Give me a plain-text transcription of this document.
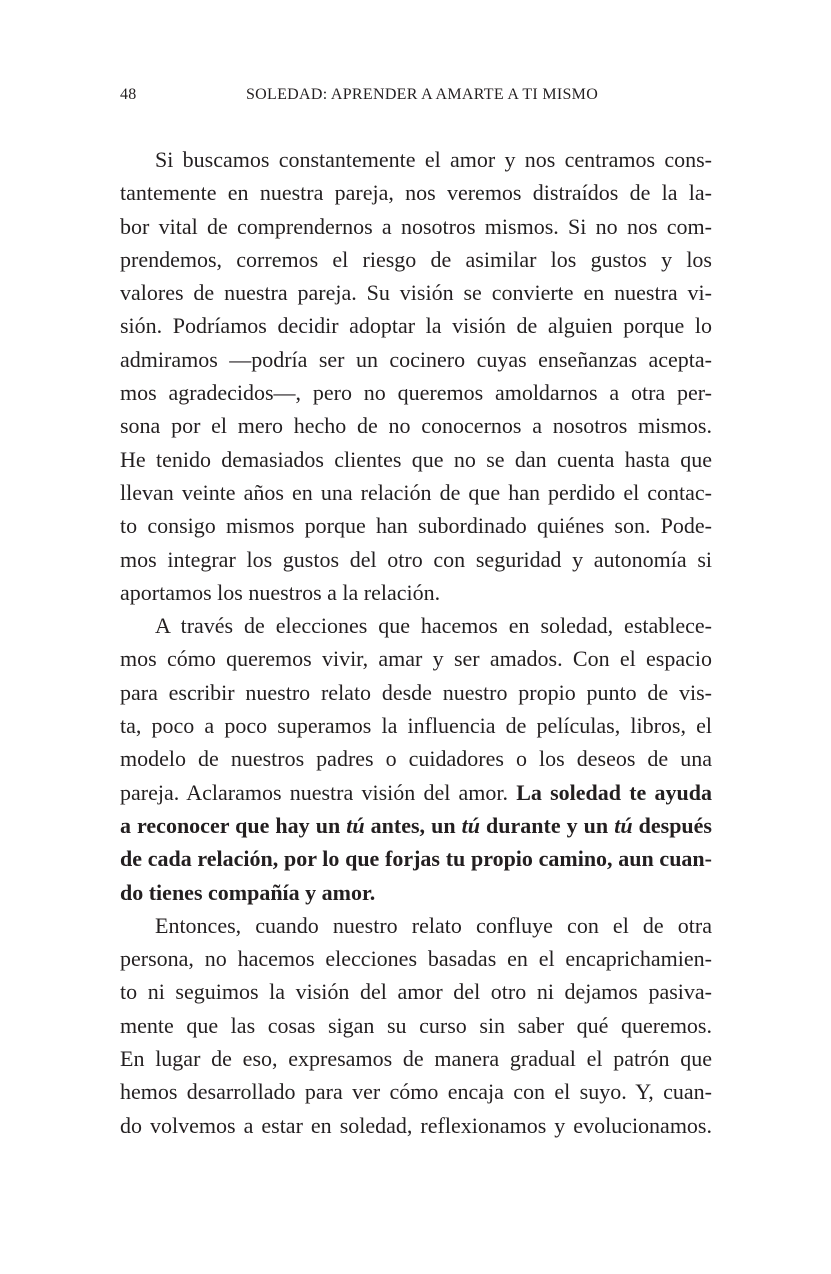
48	SOLEDAD: APRENDER A AMARTE A TI MISMO
Si buscamos constantemente el amor y nos centramos cons-
tantemente en nuestra pareja, nos veremos distraídos de la la-
bor vital de comprendernos a nosotros mismos. Si no nos com-
prendemos, corremos el riesgo de asimilar los gustos y los
valores de nuestra pareja. Su visión se convierte en nuestra vi-
sión. Podríamos decidir adoptar la visión de alguien porque lo
admiramos —podría ser un cocinero cuyas enseñanzas acepta-
mos agradecidos—, pero no queremos amoldarnos a otra per-
sona por el mero hecho de no conocernos a nosotros mismos.
He tenido demasiados clientes que no se dan cuenta hasta que
llevan veinte años en una relación de que han perdido el contac-
to consigo mismos porque han subordinado quiénes son. Pode-
mos integrar los gustos del otro con seguridad y autonomía si
aportamos los nuestros a la relación.
A través de elecciones que hacemos en soledad, establece-
mos cómo queremos vivir, amar y ser amados. Con el espacio
para escribir nuestro relato desde nuestro propio punto de vis-
ta, poco a poco superamos la influencia de películas, libros, el
modelo de nuestros padres o cuidadores o los deseos de una
pareja. Aclaramos nuestra visión del amor. La soledad te ayuda
a reconocer que hay un tú antes, un tú durante y un tú después
de cada relación, por lo que forjas tu propio camino, aun cuan-
do tienes compañía y amor.
Entonces, cuando nuestro relato confluye con el de otra
persona, no hacemos elecciones basadas en el encaprichamien-
to ni seguimos la visión del amor del otro ni dejamos pasiva-
mente que las cosas sigan su curso sin saber qué queremos.
En lugar de eso, expresamos de manera gradual el patrón que
hemos desarrollado para ver cómo encaja con el suyo. Y, cuan-
do volvemos a estar en soledad, reflexionamos y evolucionamos.
